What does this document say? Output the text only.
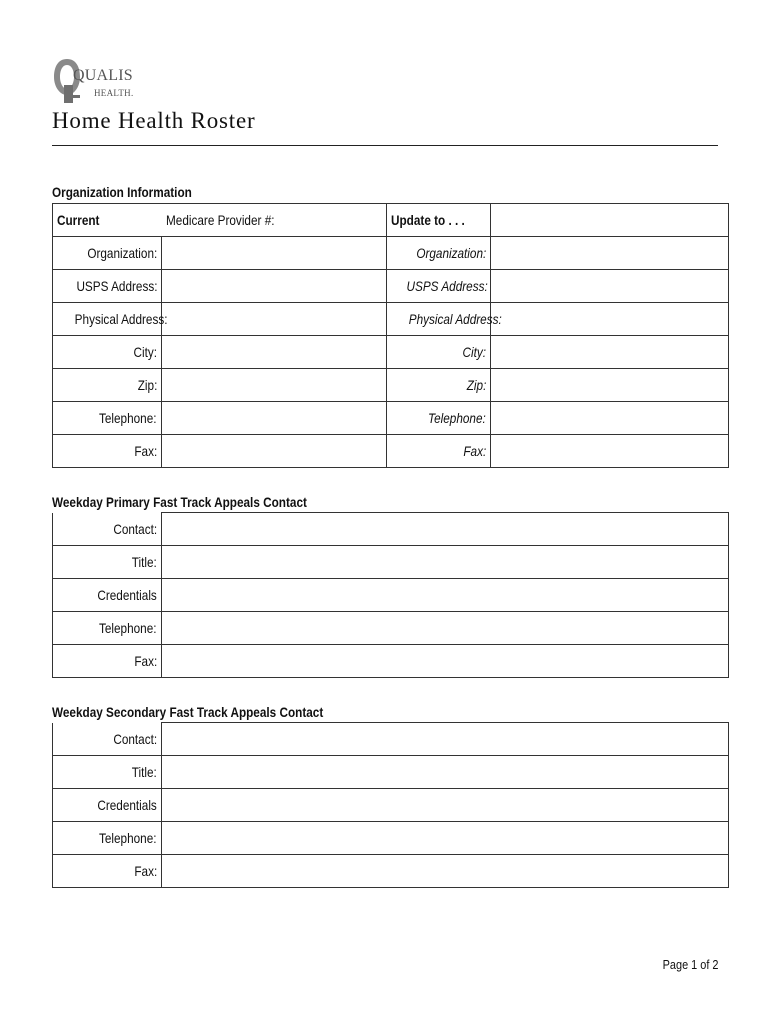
QUALIS
HEALTH.
Home Health Roster
Organization Information
Current	Medicare Provider #:	Update to . . .	
Organization:		Organization:	
USPS Address:		USPS Address:	
Physical Address:		Physical Address:	
City:		City:	
Zip:		Zip:	
Telephone:		Telephone:	
Fax:		Fax:	
Weekday Primary Fast Track Appeals Contact
Contact:	
Title:	
Credentials	
Telephone:	
Fax:	
Weekday Secondary Fast Track Appeals Contact
Contact:	
Title:	
Credentials	
Telephone:	
Fax:	
Page 1 of 2
